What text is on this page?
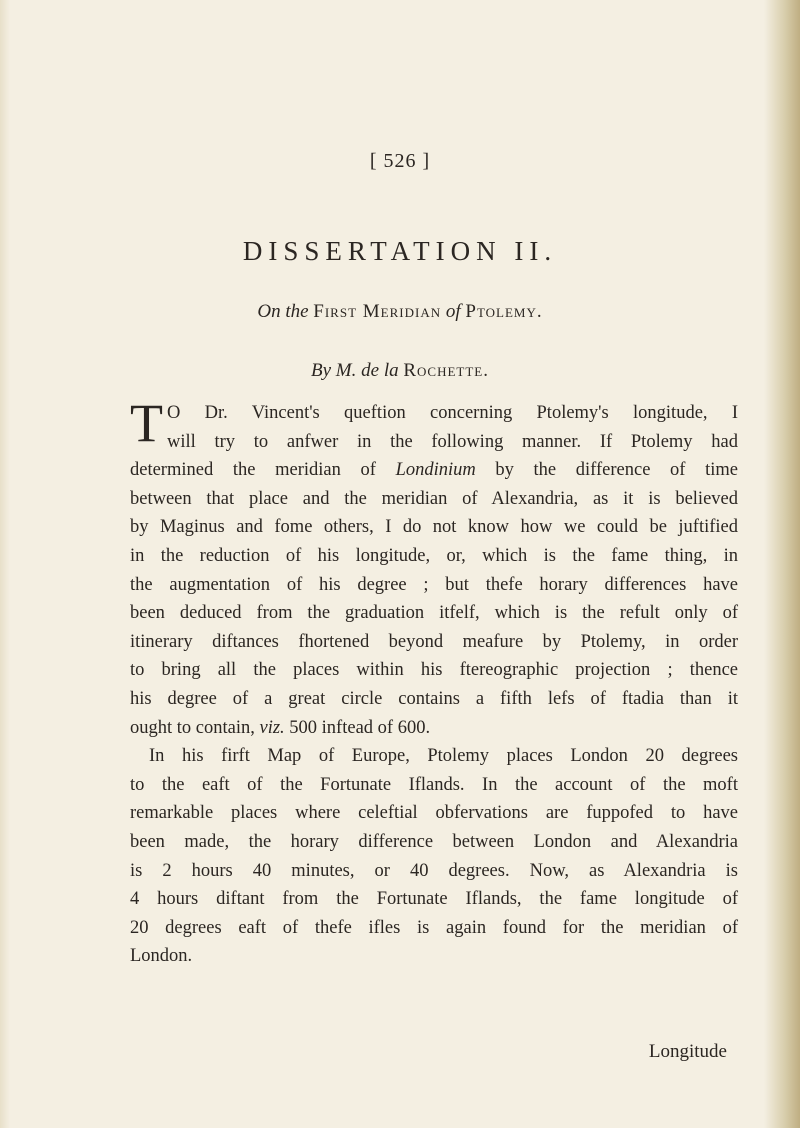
[ 526 ]
DISSERTATION II.
On the First Meridian of Ptolemy.
By M. de la Rochette.
T O Dr. Vincent's queftion concerning Ptolemy's longitude, I
will try to anfwer in the following manner. If Ptolemy had
determined the meridian of Londinium by the difference of time
between that place and the meridian of Alexandria, as it is believed
by Maginus and fome others, I do not know how we could be juftified
in the reduction of his longitude, or, which is the fame thing, in
the augmentation of his degree ; but thefe horary differences have
been deduced from the graduation itfelf, which is the refult only of
itinerary diftances fhortened beyond meafure by Ptolemy, in order
to bring all the places within his ftereographic projection ; thence
his degree of a great circle contains a fifth lefs of ftadia than it
ought to contain, viz. 500 inftead of 600.
In his firft Map of Europe, Ptolemy places London 20 degrees
to the eaft of the Fortunate Iflands. In the account of the moft
remarkable places where celeftial obfervations are fuppofed to have
been made, the horary difference between London and Alexandria
is 2 hours 40 minutes, or 40 degrees. Now, as Alexandria is
4 hours diftant from the Fortunate Iflands, the fame longitude of
20 degrees eaft of thefe ifles is again found for the meridian of
London.
Longitude
